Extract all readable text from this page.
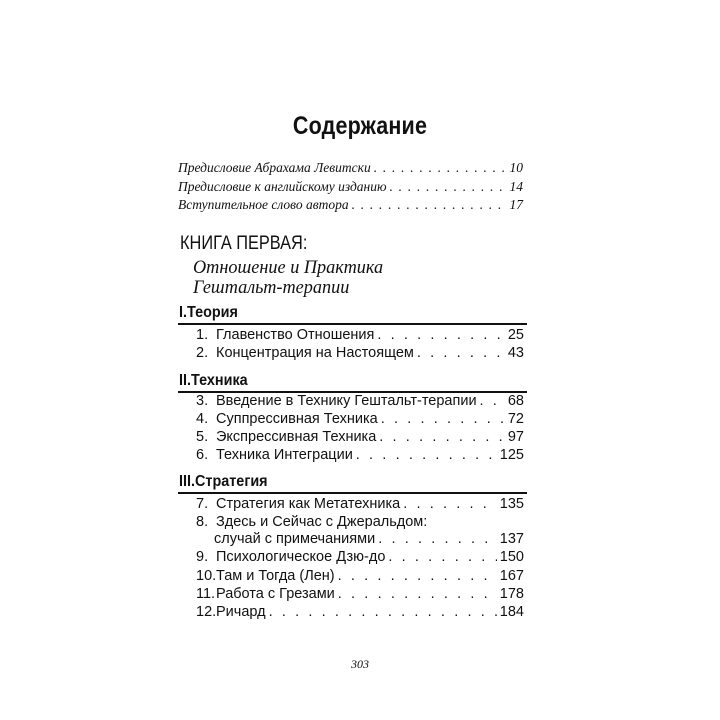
Содержание
Предисловие Абрахама Левитски . . .	10
Предисловие к английскому изданию . . .	14
Вступительное слово автора . . .	17
КНИГА ПЕРВАЯ:
Отношение и Практика
Гештальт-терапии
I.Теория
1. Главенство Отношения . . .	25
2. Концентрация на Настоящем . . .	43
II.Техника
3. Введение в Технику Гештальт-терапии . . . 68
4. Суппрессивная Техника . . .	72
5. Экспрессивная Техника . . .	97
6. Техника Интеграции . . .	125
III.Стратегия
7. Стратегия как Метатехника . . .	135
8. Здесь и Сейчас с Джеральдом:
случай с примечаниями . . .	137
9. Психологическое Дзю-до . . .	150
10.Там и Тогда (Лен) . . .	167
11.Работа с Грезами . . .	178
12.Ричард . . .	184
303
